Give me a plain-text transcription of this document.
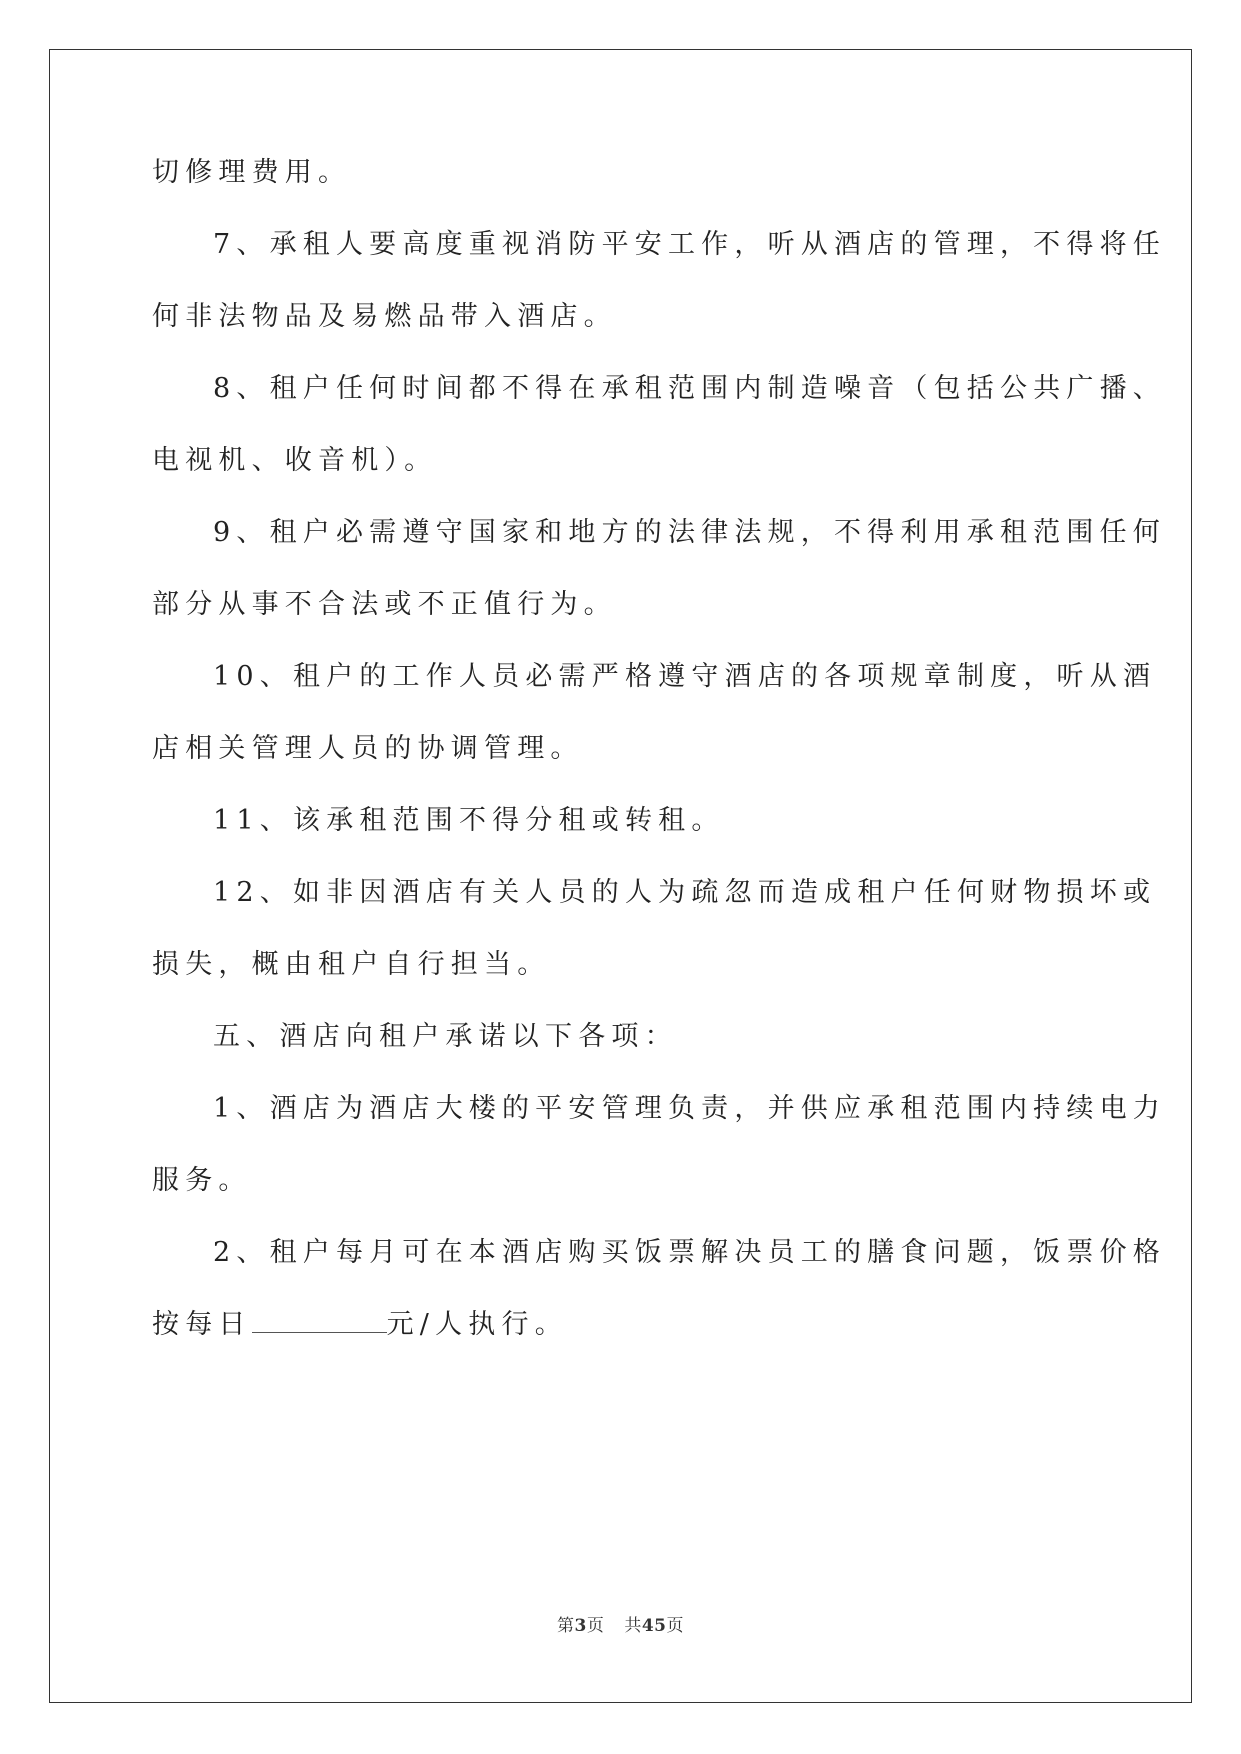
切修理费用。
7、承租人要高度重视消防平安工作，听从酒店的管理，不得将任
何非法物品及易燃品带入酒店。
8、租户任何时间都不得在承租范围内制造噪音（包括公共广播、
电视机、收音机）。
9、租户必需遵守国家和地方的法律法规，不得利用承租范围任何
部分从事不合法或不正值行为。
10、租户的工作人员必需严格遵守酒店的各项规章制度，听从酒
店相关管理人员的协调管理。
11、该承租范围不得分租或转租。
12、如非因酒店有关人员的人为疏忽而造成租户任何财物损坏或
损失，概由租户自行担当。
五、酒店向租户承诺以下各项：
1、酒店为酒店大楼的平安管理负责，并供应承租范围内持续电力
服务。
2、租户每月可在本酒店购买饭票解决员工的膳食问题，饭票价格
按每日	元/人执行。
第3页 共45页
